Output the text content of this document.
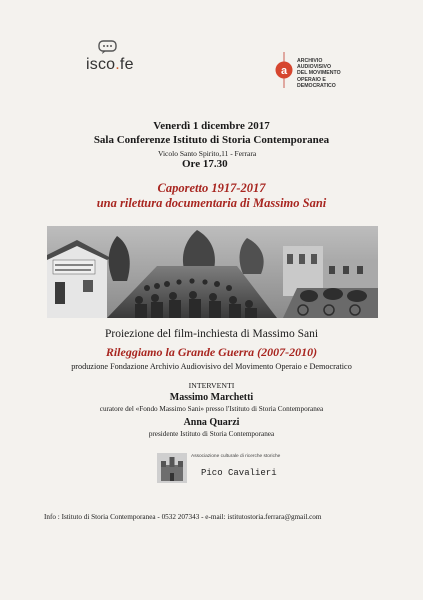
isco.fe	a
ARCHIVIO
AUDIOVISIVO
DEL MOVIMENTO
OPERAIO E
DEMOCRATICO
Venerdì 1 dicembre 2017
Sala Conferenze Istituto di Storia Contemporanea
Vicolo Santo Spirito,11 - Ferrara
Ore 17.30
Caporetto 1917-2017
una rilettura documentaria di Massimo Sani
Proiezione del film-inchiesta di Massimo Sani
Rileggiamo la Grande Guerra (2007-2010)
produzione Fondazione Archivio Audiovisivo del Movimento Operaio e Democratico
INTERVENTI
Massimo Marchetti
curatore del «Fondo Massimo Sani» presso l'Istituto di Storia Contemporanea
Anna Quarzi
presidente Istituto di Storia Contemporanea
Associazione culturale di ricerche storiche
Pico Cavalieri
Info : Istituto di Storia Contemporanea - 0532 207343 - e-mail: istitutostoria.ferrara@gmail.com
